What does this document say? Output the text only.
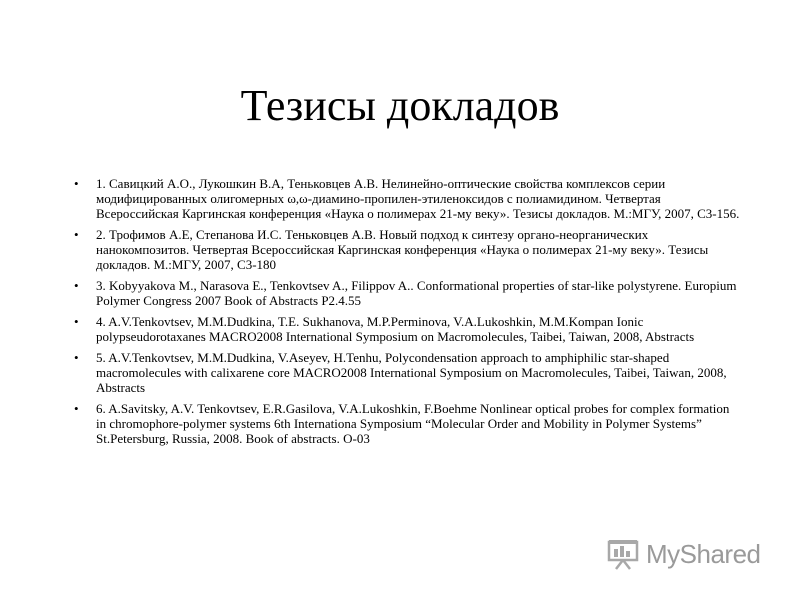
Тезисы докладов
• 1. Савицкий А.О., Лукошкин В.А, Теньковцев А.В. Нелинейно-оптические свойства комплексов серии модифицированных олигомерных ω,ω-диамино-пропилен-этиленоксидов с полиамидином. Четвертая Всероссийская Каргинская конференция «Наука о полимерах 21-му веку». Тезисы докладов. М.:МГУ, 2007, С3-156.
• 2. Трофимов А.Е, Степанова И.С. Теньковцев А.В. Новый подход к синтезу органо-неорганических нанокомпозитов. Четвертая Всероссийская Каргинская конференция «Наука о полимерах 21-му веку». Тезисы докладов. М.:МГУ, 2007, С3-180
• 3. Kobyyakova M., Narasova E., Tenkovtsev A., Filippov A.. Conformational properties of star-like polystyrene. Europium Polymer Congress 2007 Book of Abstracts P2.4.55
• 4. A.V.Tenkovtsev, M.M.Dudkina, T.E. Sukhanova, M.P.Perminova, V.A.Lukoshkin, M.M.Kompan Ionic polypseudorotaxanes MACRO2008 International Symposium on Macromolecules, Taibei, Taiwan, 2008, Abstracts
• 5. A.V.Tenkovtsev, M.M.Dudkina, V.Aseyev, H.Tenhu, Polycondensation approach to amphiphilic star-shaped macromolecules with calixarene core MACRO2008 International Symposium on Macromolecules, Taibei, Taiwan, 2008, Abstracts
• 6. A.Savitsky, A.V. Tenkovtsev, E.R.Gasilova, V.A.Lukoshkin, F.Boehme Nonlinear optical probes for complex formation in chromophore-polymer systems 6th Internationa Symposium “Molecular Order and Mobility in Polymer Systems” St.Petersburg, Russia, 2008. Book of abstracts. O-03
MyShared
